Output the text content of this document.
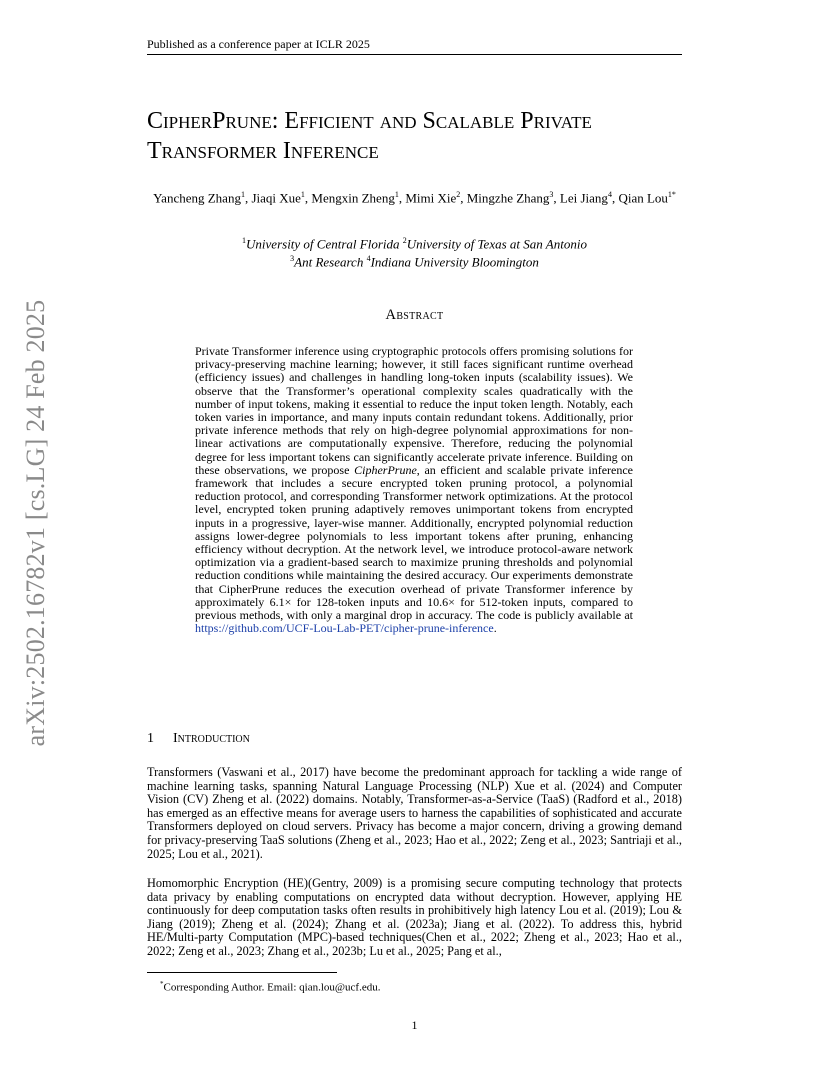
Published as a conference paper at ICLR 2025
arXiv:2502.16782v1 [cs.LG] 24 Feb 2025
CipherPrune: Efficient and Scalable Private
Transformer Inference
Yancheng Zhang$^1$, Jiaqi Xue$^1$, Mengxin Zheng$^1$, Mimi Xie$^2$, Mingzhe Zhang$^3$, Lei Jiang$^4$, Qian Lou$^{1*}$
$^1$University of Central Florida $^2$University of Texas at San Antonio
$^3$Ant Research $^4$Indiana University Bloomington
Abstract
Private Transformer inference using cryptographic protocols offers promising solutions for privacy-preserving machine learning; however, it still faces significant runtime overhead (efficiency issues) and challenges in handling long-token inputs (scalability issues). We observe that the Transformer’s operational complexity scales quadratically with the number of input tokens, making it essential to reduce the input token length. Notably, each token varies in importance, and many inputs contain redundant tokens. Additionally, prior private inference methods that rely on high-degree polynomial approximations for non-linear activations are computationally expensive. Therefore, reducing the polynomial degree for less important tokens can significantly accelerate private inference. Building on these observations, we propose CipherPrune, an efficient and scalable private inference framework that includes a secure encrypted token pruning protocol, a polynomial reduction protocol, and corresponding Transformer network optimizations. At the protocol level, encrypted token pruning adaptively removes unimportant tokens from encrypted inputs in a progressive, layer-wise manner. Additionally, encrypted polynomial reduction assigns lower-degree polynomials to less important tokens after pruning, enhancing efficiency without decryption. At the network level, we introduce protocol-aware network optimization via a gradient-based search to maximize pruning thresholds and polynomial reduction conditions while maintaining the desired accuracy. Our experiments demonstrate that CipherPrune reduces the execution overhead of private Transformer inference by approximately 6.1× for 128-token inputs and 10.6× for 512-token inputs, compared to previous methods, with only a marginal drop in accuracy. The code is publicly available at https://github.com/UCF-Lou-Lab-PET/cipher-prune-inference.
1 Introduction
Transformers (Vaswani et al., 2017) have become the predominant approach for tackling a wide range of machine learning tasks, spanning Natural Language Processing (NLP) Xue et al. (2024) and Computer Vision (CV) Zheng et al. (2022) domains. Notably, Transformer-as-a-Service (TaaS) (Radford et al., 2018) has emerged as an effective means for average users to harness the capabilities of sophisticated and accurate Transformers deployed on cloud servers. Privacy has become a major concern, driving a growing demand for privacy-preserving TaaS solutions (Zheng et al., 2023; Hao et al., 2022; Zeng et al., 2023; Santriaji et al., 2025; Lou et al., 2021).
Homomorphic Encryption (HE)(Gentry, 2009) is a promising secure computing technology that protects data privacy by enabling computations on encrypted data without decryption. However, applying HE continuously for deep computation tasks often results in prohibitively high latency Lou et al. (2019); Lou & Jiang (2019); Zheng et al. (2024); Zhang et al. (2023a); Jiang et al. (2022). To address this, hybrid HE/Multi-party Computation (MPC)-based techniques(Chen et al., 2022; Zheng et al., 2023; Hao et al., 2022; Zeng et al., 2023; Zhang et al., 2023b; Lu et al., 2025; Pang et al.,
*Corresponding Author. Email: qian.lou@ucf.edu.
1
